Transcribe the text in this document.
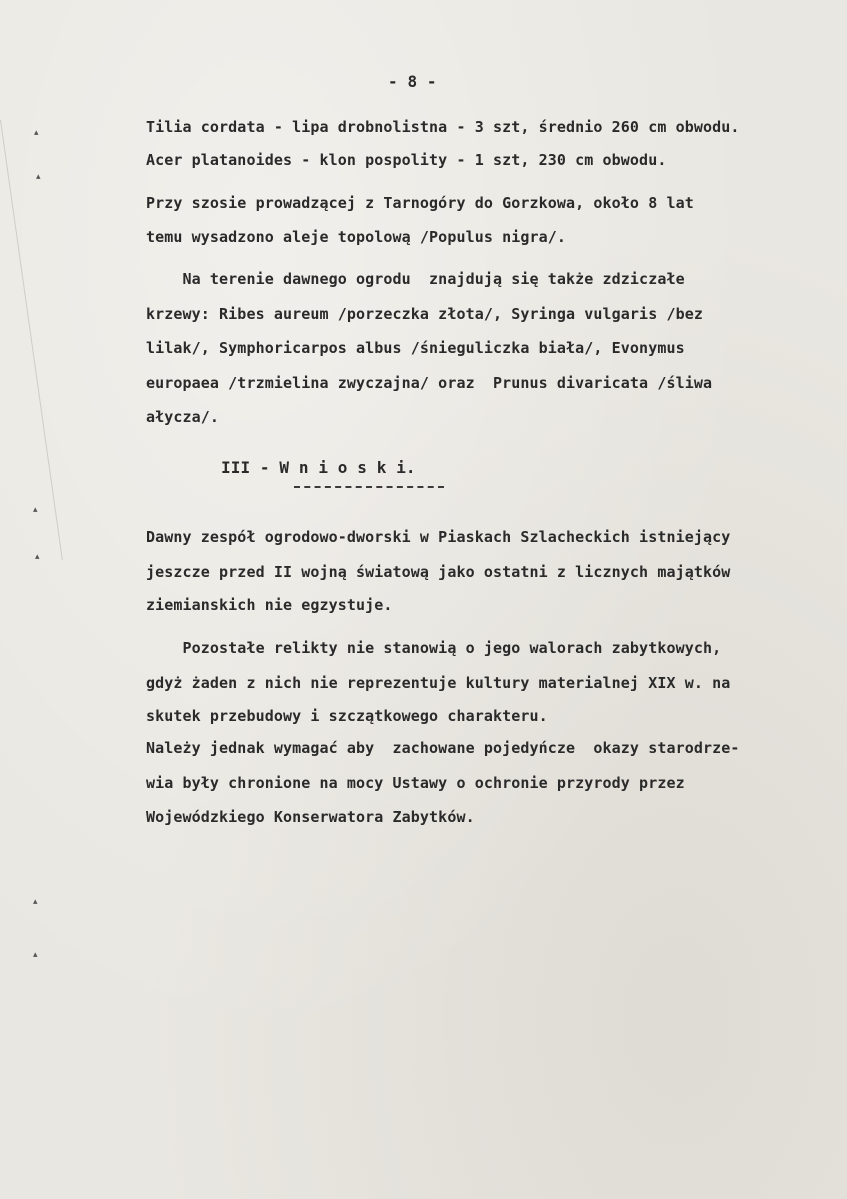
▴
▴
▴
▴
▴
▴

- 8 -

Tilia cordata - lipa drobnolistna - 3 szt, średnio 260 cm obwodu.

Acer platanoides - klon pospolity - 1 szt, 230 cm obwodu.

Przy szosie prowadzącej z Tarnogóry do Gorzkowa, około 8 lat

temu wysadzono aleje topolową /Populus nigra/.

Na terenie dawnego ogrodu  znajdują się także zdziczałe

krzewy: Ribes aureum /porzeczka złota/, Syringa vulgaris /bez

lilak/, Symphoricarpos albus /śnieguliczka biała/, Evonymus

europaea /trzmielina zwyczajna/ oraz  Prunus divaricata /śliwa

ałycza/.

III - W n i o s k i.

Dawny zespół ogrodowo-dworski w Piaskach Szlacheckich istniejący

jeszcze przed II wojną światową jako ostatni z licznych majątków

ziemianskich nie egzystuje.

Pozostałe relikty nie stanowią o jego walorach zabytkowych,

gdyż żaden z nich nie reprezentuje kultury materialnej XIX w. na

skutek przebudowy i szczątkowego charakteru.

Należy jednak wymagać aby  zachowane pojedyńcze  okazy starodrze-

wia były chronione na mocy Ustawy o ochronie przyrody przez

Wojewódzkiego Konserwatora Zabytków.
